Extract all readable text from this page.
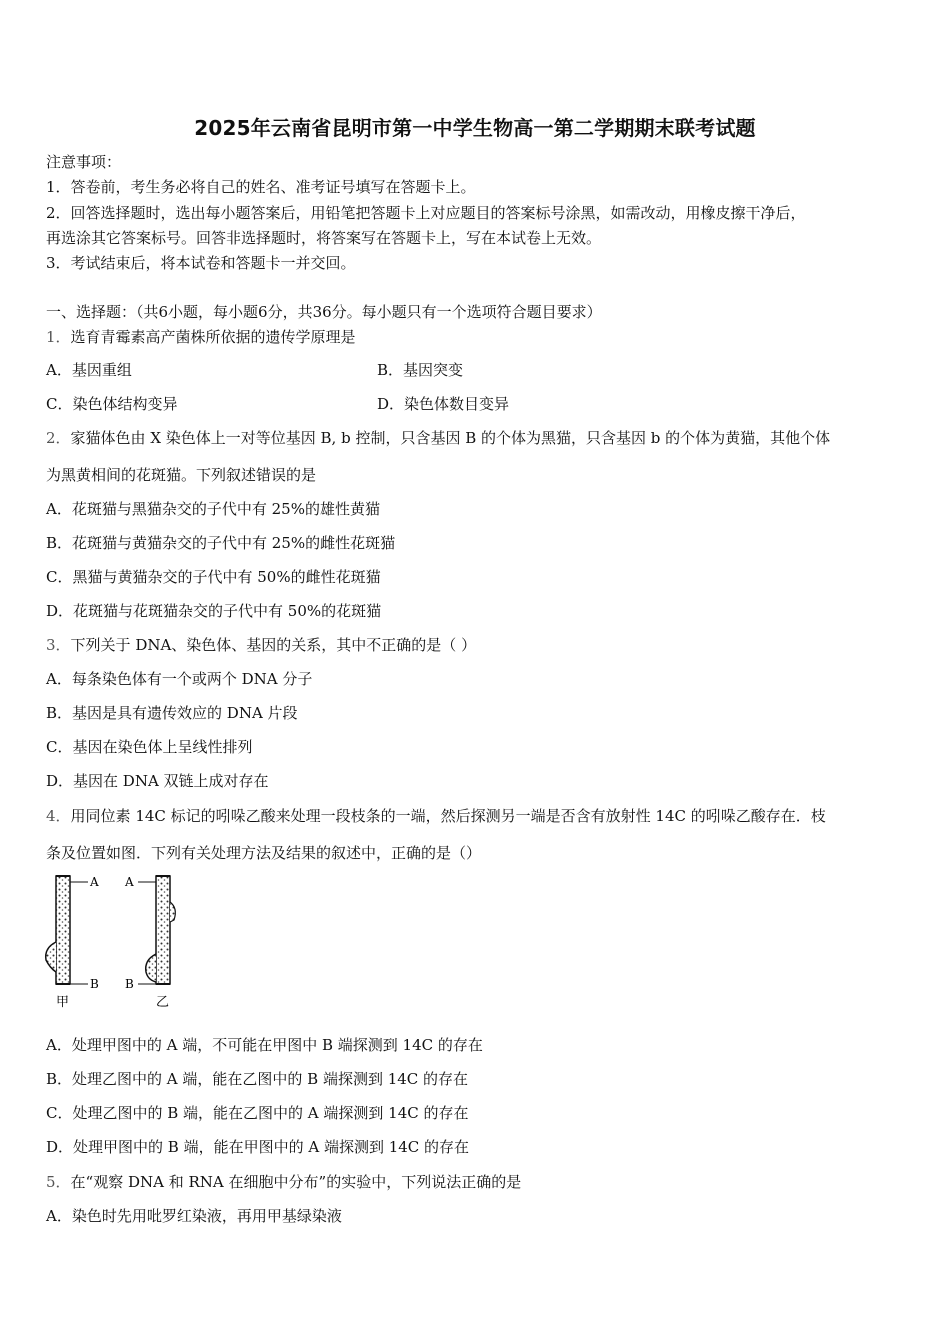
2025年云南省昆明市第一中学生物高一第二学期期末联考试题
注意事项：
1．答卷前，考生务必将自己的姓名、准考证号填写在答题卡上。
2．回答选择题时，选出每小题答案后，用铅笔把答题卡上对应题目的答案标号涂黑，如需改动，用橡皮擦干净后，
再选涂其它答案标号。回答非选择题时，将答案写在答题卡上，写在本试卷上无效。
3．考试结束后，将本试卷和答题卡一并交回。
一、选择题：（共6小题，每小题6分，共36分。每小题只有一个选项符合题目要求）
1．选育青霉素高产菌株所依据的遗传学原理是
A．基因重组	B．基因突变
C．染色体结构变异	D．染色体数目变异
2．家猫体色由 X 染色体上一对等位基因 B, b 控制，只含基因 B 的个体为黑猫，只含基因 b 的个体为黄猫，其他个体
为黑黄相间的花斑猫。下列叙述错误的是
A．花斑猫与黑猫杂交的子代中有 25%的雄性黄猫
B．花斑猫与黄猫杂交的子代中有 25%的雌性花斑猫
C．黑猫与黄猫杂交的子代中有 50%的雌性花斑猫
D．花斑猫与花斑猫杂交的子代中有 50%的花斑猫
3．下列关于 DNA、染色体、基因的关系，其中不正确的是（ ）
A．每条染色体有一个或两个 DNA 分子
B．基因是具有遗传效应的 DNA 片段
C．基因在染色体上呈线性排列
D．基因在 DNA 双链上成对存在
4．用同位素 14C 标记的吲哚乙酸来处理一段枝条的一端，然后探测另一端是否含有放射性 14C 的吲哚乙酸存在．枝
条及位置如图．下列有关处理方法及结果的叙述中，正确的是（）
A
B
A
B
甲	乙
A．处理甲图中的 A 端，不可能在甲图中 B 端探测到 14C 的存在
B．处理乙图中的 A 端，能在乙图中的 B 端探测到 14C 的存在
C．处理乙图中的 B 端，能在乙图中的 A 端探测到 14C 的存在
D．处理甲图中的 B 端，能在甲图中的 A 端探测到 14C 的存在
5．在“观察 DNA 和 RNA 在细胞中分布”的实验中，下列说法正确的是
A．染色时先用吡罗红染液，再用甲基绿染液
